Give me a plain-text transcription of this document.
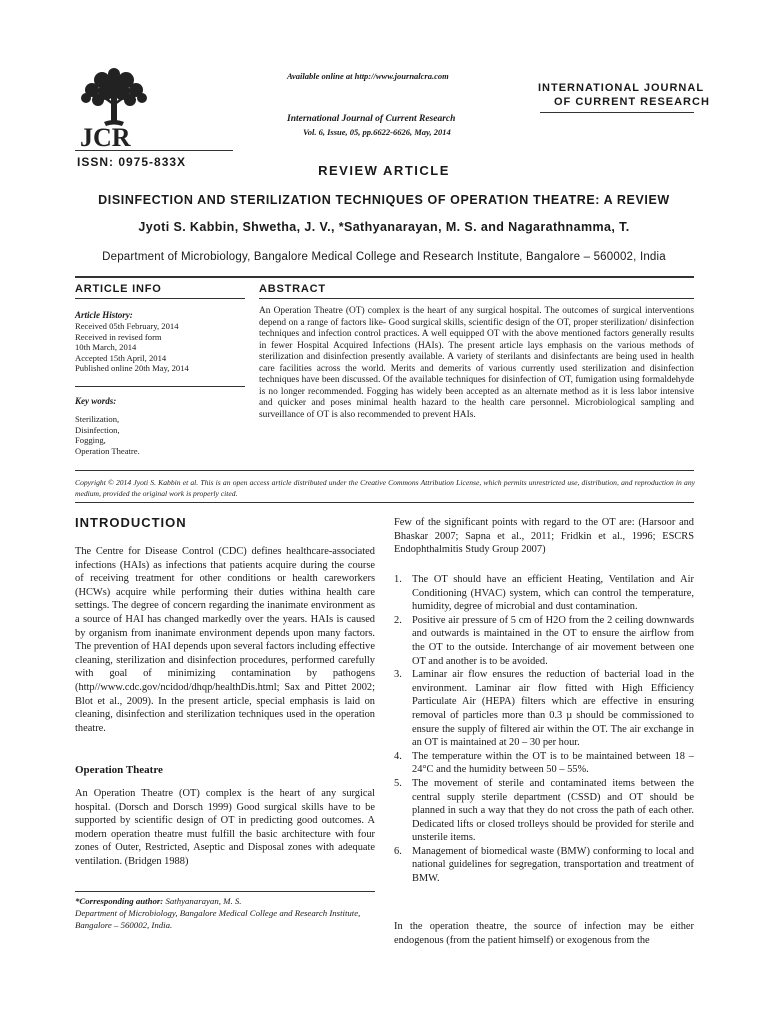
JCR
Available online at http://www.journalcra.com
International Journal of Current Research
Vol. 6, Issue, 05, pp.6622-6626, May, 2014
INTERNATIONAL JOURNAL
OF CURRENT RESEARCH
ISSN: 0975-833X
REVIEW ARTICLE
DISINFECTION AND STERILIZATION TECHNIQUES OF OPERATION THEATRE: A REVIEW
Jyoti S. Kabbin, Shwetha, J. V., *Sathyanarayan, M. S. and Nagarathnamma, T.
Department of Microbiology, Bangalore Medical College and Research Institute, Bangalore – 560002, India
ARTICLE INFO
Article History:
Received 05th February, 2014
Received in revised form
10th March, 2014
Accepted 15th April, 2014
Published online 20th May, 2014
Key words:
Sterilization,
Disinfection,
Fogging,
Operation Theatre.
ABSTRACT
An Operation Theatre (OT) complex is the heart of any surgical hospital. The outcomes of surgical interventions depend on a range of factors like- Good surgical skills, scientific design of the OT, proper sterilization/ disinfection techniques and infection control practices. A well equipped OT with the above mentioned factors generally results in fewer Hospital Acquired Infections (HAIs). The present article lays emphasis on the various methods of sterilization and disinfection presently available. A variety of sterilants and disinfectants are being used in health care facilities across the world. Merits and demerits of various currently used sterilization and disinfection techniques have been discussed. Of the available techniques for disinfection of OT, fumigation using formaldehyde is no longer recommended. Fogging has widely been accepted as an alternate method as it is less labor intensive and quicker and poses minimal health hazard to the health care personnel. Microbiological sampling and surveillance of OT is also recommended to prevent HAIs.
Copyright © 2014 Jyoti S. Kabbin et al. This is an open access article distributed under the Creative Commons Attribution License, which permits unrestricted use, distribution, and reproduction in any medium, provided the original work is properly cited.
INTRODUCTION
The Centre for Disease Control (CDC) defines healthcare-associated infections (HAIs) as infections that patients acquire during the course of receiving treatment for other conditions or health careworkers (HCWs) acquire while performing their duties withina health care settings. The degree of concern regarding the inanimate environment as a source of HAI has changed markedly over the years. HAIs is caused by organism from inanimate environment depends upon many factors. The prevention of HAI depends upon several factors including effective cleaning, sterilization and disinfection procedures, performed carefully with goal of minimizing contamination by pathogens (http//www.cdc.gov/ncidod/dhqp/healthDis.html; Sax and Pittet 2002; Blot et al., 2009). In the present article, special emphasis is laid on cleaning, disinfection and sterilization techniques used in the operation theatre.
Operation Theatre
An Operation Theatre (OT) complex is the heart of any surgical hospital. (Dorsch and Dorsch 1999) Good surgical skills have to be supported by scientific design of OT in predicting good outcomes. A modern operation theatre must fulfill the basic architecture with four zones of Outer, Restricted, Aseptic and Disposal zones with adequate ventilation. (Bridgen 1988)
*Corresponding author: Sathyanarayan, M. S.
Department of Microbiology, Bangalore Medical College and Research Institute, Bangalore – 560002, India.
Few of the significant points with regard to the OT are: (Harsoor and Bhaskar 2007; Sapna et al., 2011; Fridkin et al., 1996; ESCRS Endophthalmitis Study Group 2007)
1. The OT should have an efficient Heating, Ventilation and Air Conditioning (HVAC) system, which can control the temperature, humidity, degree of microbial and dust contamination.
2. Positive air pressure of 5 cm of H2O from the 2 ceiling downwards and outwards is maintained in the OT to ensure the airflow from the OT to the outside. Interchange of air movement between one OT and another is to be avoided.
3. Laminar air flow ensures the reduction of bacterial load in the environment. Laminar air flow fitted with High Efficiency Particulate Air (HEPA) filters which are effective in ensuring removal of particles more than 0.3 µ should be commissioned to ensure the supply of filtered air within the OT. The air exchange in an OT is maintained at 20 – 30 per hour.
4. The temperature within the OT is to be maintained between 18 – 24°C and the humidity between 50 – 55%.
5. The movement of sterile and contaminated items between the central supply sterile department (CSSD) and OT should be planned in such a way that they do not cross the path of each other. Dedicated lifts or closed trolleys should be provided for sterile and unsterile items.
6. Management of biomedical waste (BMW) conforming to local and national guidelines for segregation, transportation and treatment of BMW.
In the operation theatre, the source of infection may be either endogenous (from the patient himself) or exogenous from the
